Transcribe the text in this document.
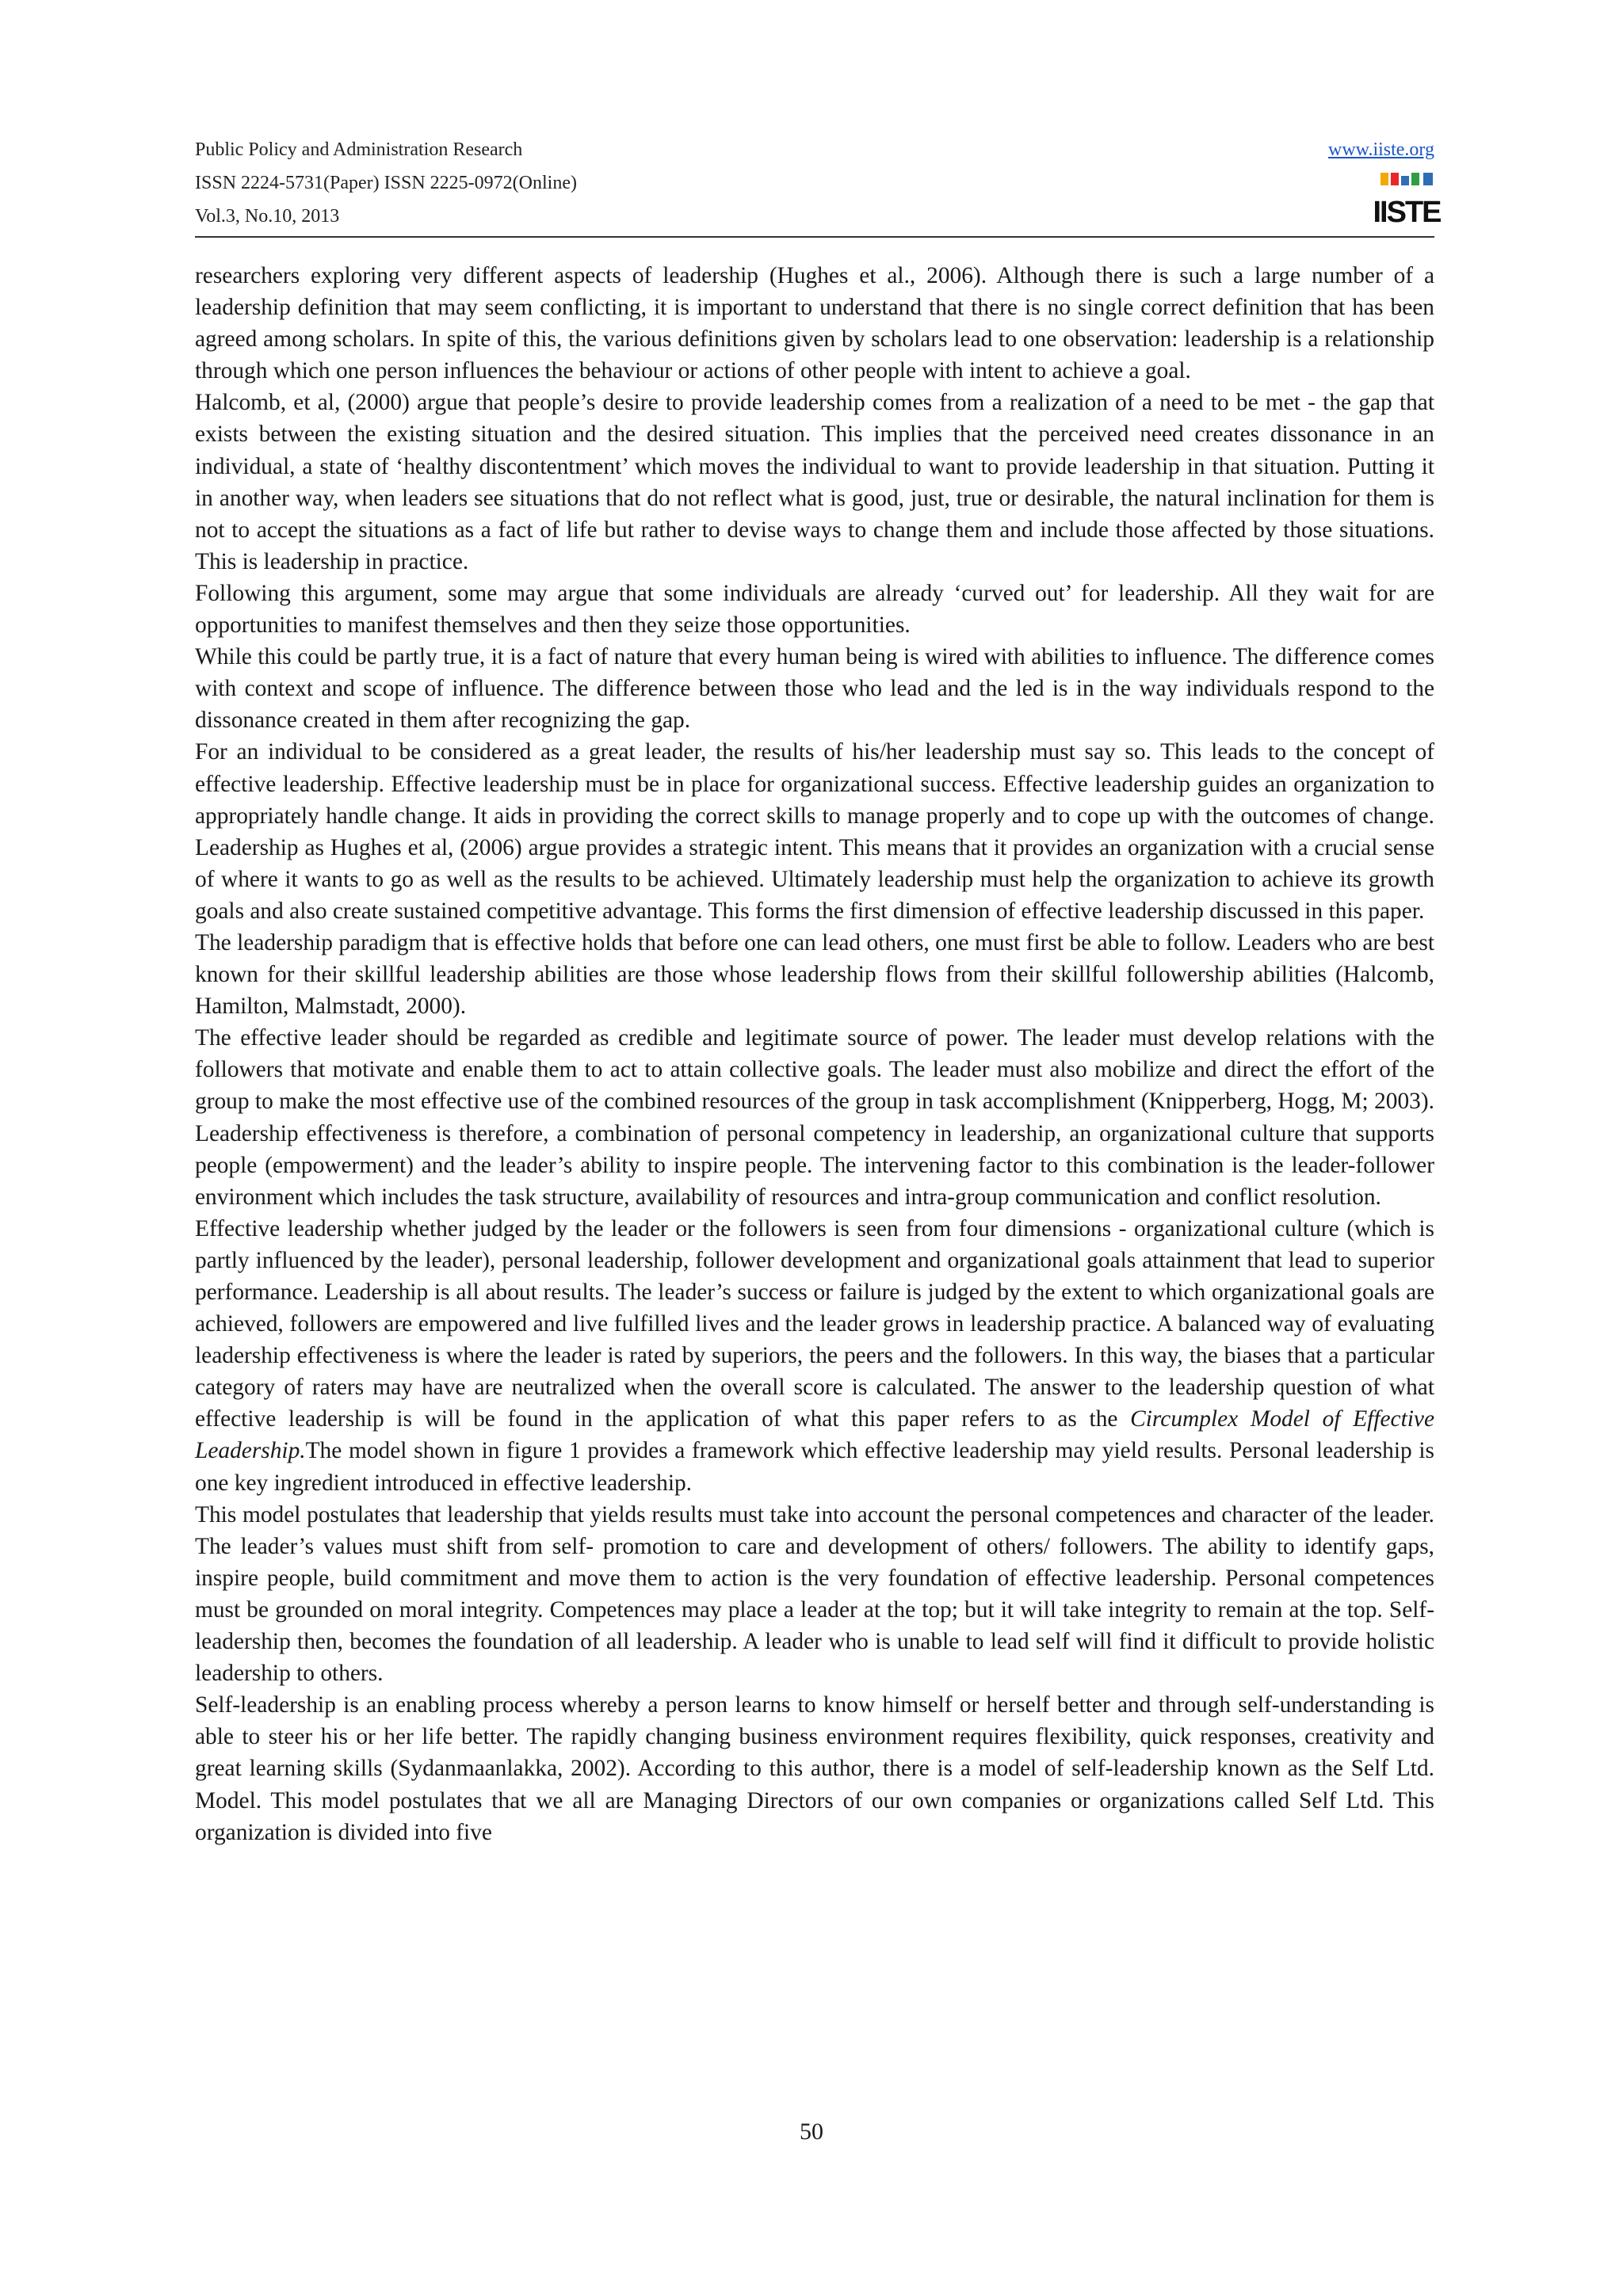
Public Policy and Administration Research
ISSN 2224-5731(Paper) ISSN 2225-0972(Online)
Vol.3, No.10, 2013
www.iiste.org
IISTE

researchers exploring very different aspects of leadership (Hughes et al., 2006). Although there is such a large number of a leadership definition that may seem conflicting, it is important to understand that there is no single correct definition that has been agreed among scholars. In spite of this, the various definitions given by scholars lead to one observation: leadership is a relationship through which one person influences the behaviour or actions of other people with intent to achieve a goal.

Halcomb, et al, (2000) argue that people’s desire to provide leadership comes from a realization of a need to be met - the gap that exists between the existing situation and the desired situation. This implies that the perceived need creates dissonance in an individual, a state of ‘healthy discontentment’ which moves the individual to want to provide leadership in that situation. Putting it in another way, when leaders see situations that do not reflect what is good, just, true or desirable, the natural inclination for them is not to accept the situations as a fact of life but rather to devise ways to change them and include those affected by those situations. This is leadership in practice.

Following this argument, some may argue that some individuals are already ‘curved out’ for leadership. All they wait for are opportunities to manifest themselves and then they seize those opportunities.

While this could be partly true, it is a fact of nature that every human being is wired with abilities to influence. The difference comes with context and scope of influence. The difference between those who lead and the led is in the way individuals respond to the dissonance created in them after recognizing the gap.

For an individual to be considered as a great leader, the results of his/her leadership must say so. This leads to the concept of effective leadership. Effective leadership must be in place for organizational success. Effective leadership guides an organization to appropriately handle change. It aids in providing the correct skills to manage properly and to cope up with the outcomes of change. Leadership as Hughes et al, (2006) argue provides a strategic intent. This means that it provides an organization with a crucial sense of where it wants to go as well as the results to be achieved. Ultimately leadership must help the organization to achieve its growth goals and also create sustained competitive advantage. This forms the first dimension of effective leadership discussed in this paper.

The leadership paradigm that is effective holds that before one can lead others, one must first be able to follow. Leaders who are best known for their skillful leadership abilities are those whose leadership flows from their skillful followership abilities (Halcomb, Hamilton, Malmstadt, 2000).

The effective leader should be regarded as credible and legitimate source of power. The leader must develop relations with the followers that motivate and enable them to act to attain collective goals. The leader must also mobilize and direct the effort of the group to make the most effective use of the combined resources of the group in task accomplishment (Knipperberg, Hogg, M; 2003). Leadership effectiveness is therefore, a combination of personal competency in leadership, an organizational culture that supports people (empowerment) and the leader’s ability to inspire people. The intervening factor to this combination is the leader-follower environment which includes the task structure, availability of resources and intra-group communication and conflict resolution.

Effective leadership whether judged by the leader or the followers is seen from four dimensions - organizational culture (which is partly influenced by the leader), personal leadership, follower development and organizational goals attainment that lead to superior performance. Leadership is all about results. The leader’s success or failure is judged by the extent to which organizational goals are achieved, followers are empowered and live fulfilled lives and the leader grows in leadership practice. A balanced way of evaluating leadership effectiveness is where the leader is rated by superiors, the peers and the followers. In this way, the biases that a particular category of raters may have are neutralized when the overall score is calculated. The answer to the leadership question of what effective leadership is will be found in the application of what this paper refers to as the Circumplex Model of Effective Leadership.The model shown in figure 1 provides a framework which effective leadership may yield results. Personal leadership is one key ingredient introduced in effective leadership.

This model postulates that leadership that yields results must take into account the personal competences and character of the leader. The leader’s values must shift from self- promotion to care and development of others/ followers. The ability to identify gaps, inspire people, build commitment and move them to action is the very foundation of effective leadership. Personal competences must be grounded on moral integrity. Competences may place a leader at the top; but it will take integrity to remain at the top. Self-leadership then, becomes the foundation of all leadership. A leader who is unable to lead self will find it difficult to provide holistic leadership to others.

Self-leadership is an enabling process whereby a person learns to know himself or herself better and through self-understanding is able to steer his or her life better. The rapidly changing business environment requires flexibility, quick responses, creativity and great learning skills (Sydanmaanlakka, 2002). According to this author, there is a model of self-leadership known as the Self Ltd. Model. This model postulates that we all are Managing Directors of our own companies or organizations called Self Ltd. This organization is divided into five

50
